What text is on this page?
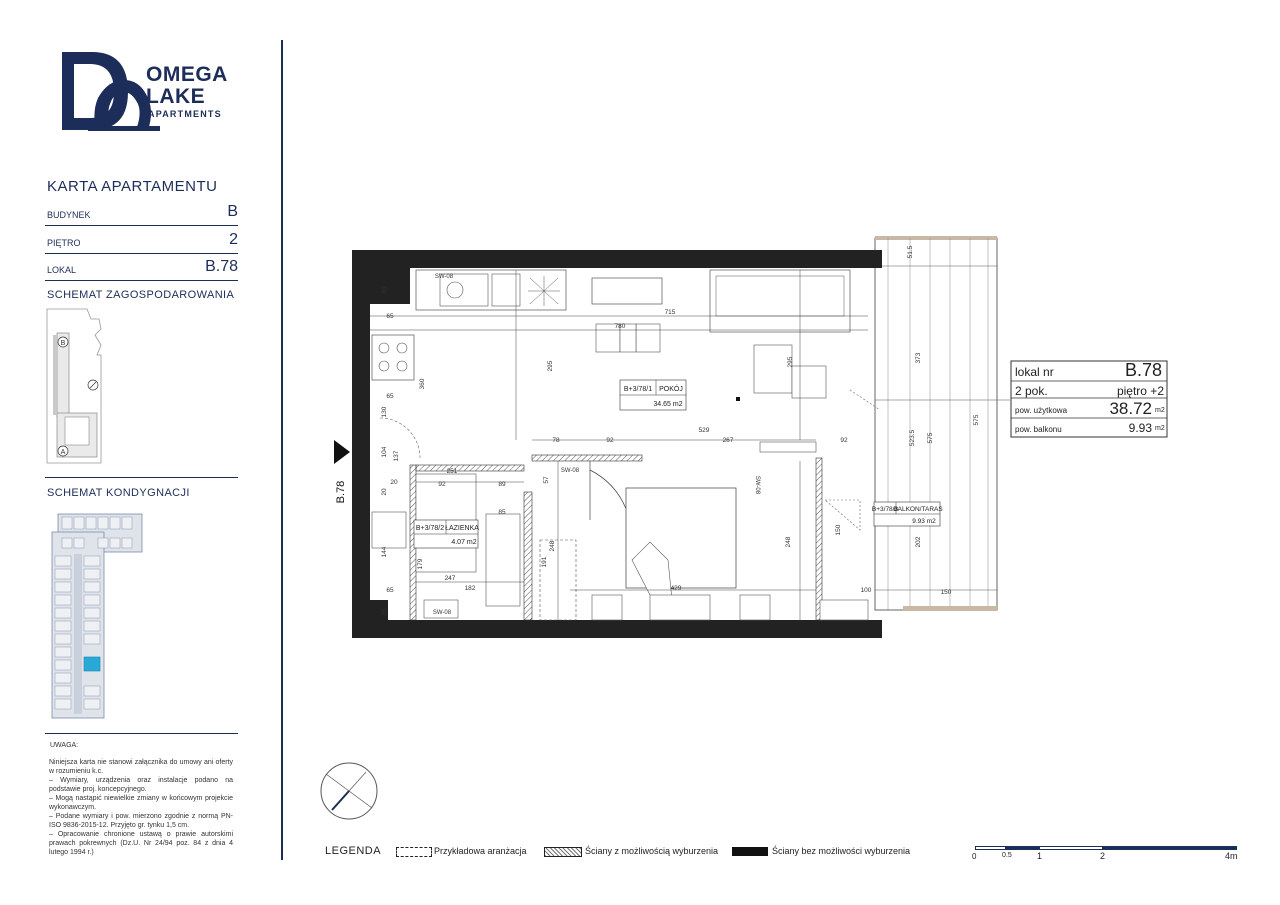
OMEGA
LAKE
APARTMENTS
KARTA APARTAMENTU
BUDYNEK	B
PIĘTRO	2
LOKAL	B.78
SCHEMAT ZAGOSPODAROWANIA
B
A
SCHEMAT KONDYGNACJI
UWAGA:
Niniejsza karta nie stanowi załącznika do umowy ani oferty w rozumieniu k.c.
– Wymiary, urządzenia oraz instalacje podano na podstawie proj. koncepcyjnego.
– Mogą nastąpić niewielkie zmiany w końcowym projekcie wykonawczym.
– Podane wymiary i pow. mierzono zgodnie z normą PN-ISO 9836-2015-12. Przyjęto gr. tynku 1,5 cm.
– Opracowanie chronione ustawą o prawie autorskimi prawach pokrewnych (Dz.U. Nr 24/94 poz. 84 z dnia 4 lutego 1994 r.)
715
780
295	295
529
78	92	267	92
251
92	89
85
57
191
248	248
182
247
179
144
429	100	150
202
523.5 575
575
373
51.5
65
65
360
130
65
104 137
20
20
35
65
150
SW-08
SW-08
SW-08
SW-08
B+3/78/1 POKÓJ
34.65 m2
B+3/78/2 ŁAZIENKA
4.07 m2
B+3/78/3
BALKON/TARAS
9.93 m2
B.78
lokal nr	B.78
2 pok.	piętro +2
pow. użytkowa	38.72 m2
pow. balkonu	9.93 m2
LEGENDA	Przykładowa aranżacja	Ściany z możliwością wyburzenia	Ściany bez możliwości wyburzenia
0	0.5	1	2	4m
